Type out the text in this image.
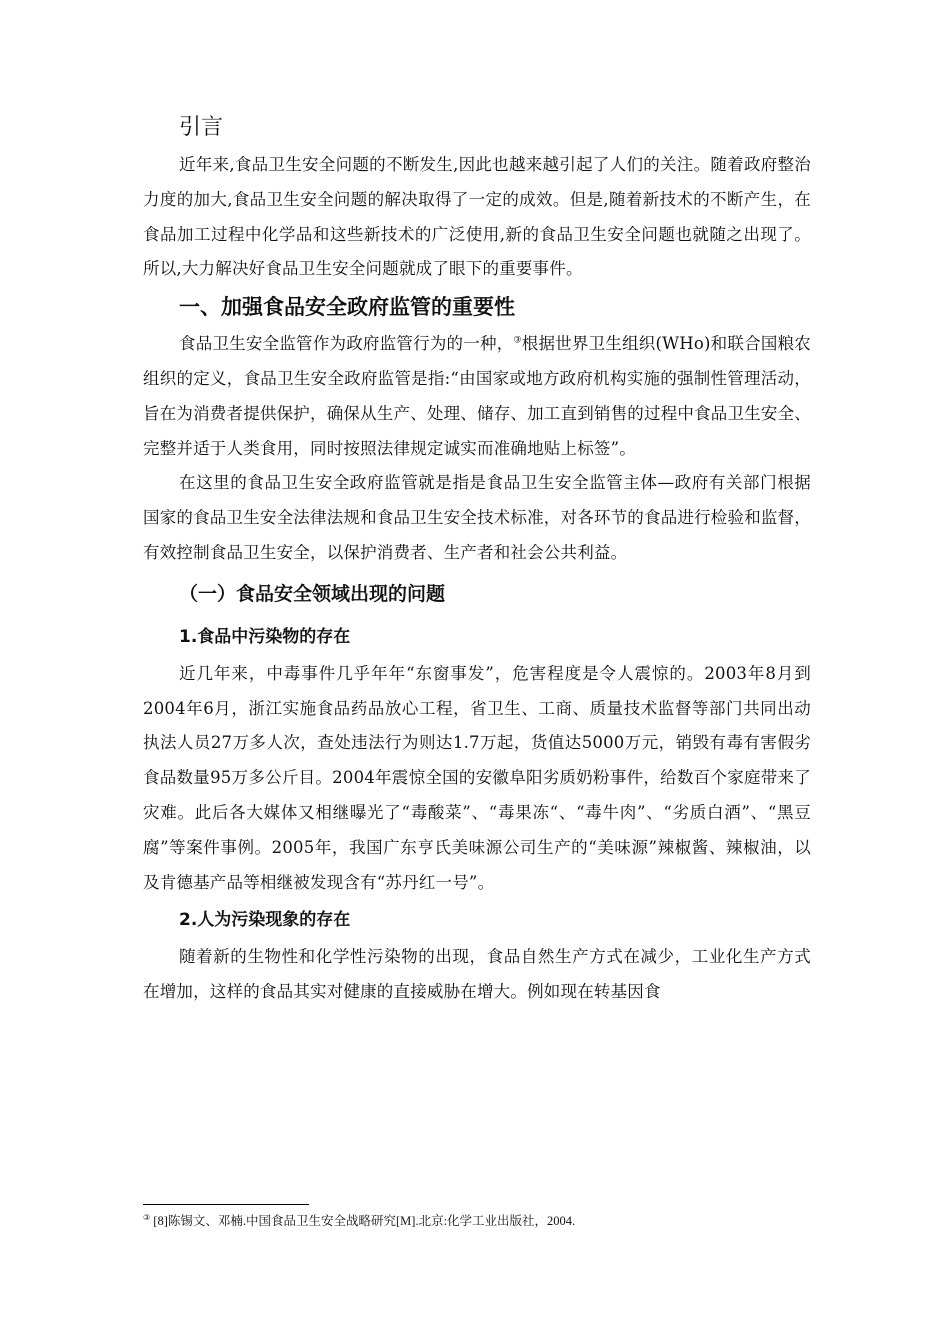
引言

近年来,食品卫生安全问题的不断发生,因此也越来越引起了人们的关注。随着政府整治力度的加大,食品卫生安全问题的解决取得了一定的成效。但是,随着新技术的不断产生，在食品加工过程中化学品和这些新技术的广泛使用,新的食品卫生安全问题也就随之出现了。所以,大力解决好食品卫生安全问题就成了眼下的重要事件。

一、加强食品安全政府监管的重要性

食品卫生安全监管作为政府监管行为的一种，③根据世界卫生组织(WHo)和联合国粮农组织的定义，食品卫生安全政府监管是指:“由国家或地方政府机构实施的强制性管理活动，旨在为消费者提供保护，确保从生产、处理、储存、加工直到销售的过程中食品卫生安全、完整并适于人类食用，同时按照法律规定诚实而准确地贴上标签”。

在这里的食品卫生安全政府监管就是指是食品卫生安全监管主体—政府有关部门根据国家的食品卫生安全法律法规和食品卫生安全技术标准，对各环节的食品进行检验和监督，有效控制食品卫生安全，以保护消费者、生产者和社会公共利益。

（一）食品安全领域出现的问题
1.食品中污染物的存在

近几年来，中毒事件几乎年年“东窗事发”，危害程度是令人震惊的。2003年8月到2004年6月，浙江实施食品药品放心工程，省卫生、工商、质量技术监督等部门共同出动执法人员27万多人次，查处违法行为则达1.7万起，货值达5000万元，销毁有毒有害假劣食品数量95万多公斤目。2004年震惊全国的安徽阜阳劣质奶粉事件，给数百个家庭带来了灾难。此后各大媒体又相继曝光了“毒酸菜”、“毒果冻“、“毒牛肉”、“劣质白酒”、“黑豆腐”等案件事例。2005年，我国广东亨氏美味源公司生产的“美味源”辣椒酱、辣椒油，以及肯德基产品等相继被发现含有“苏丹红一号”。

2.人为污染现象的存在

随着新的生物性和化学性污染物的出现，食品自然生产方式在减少，工业化生产方式在增加，这样的食品其实对健康的直接威胁在增大。例如现在转基因食

③ [8]陈锡文、邓楠.中国食品卫生安全战略研究[M].北京:化学工业出版社，2004.
